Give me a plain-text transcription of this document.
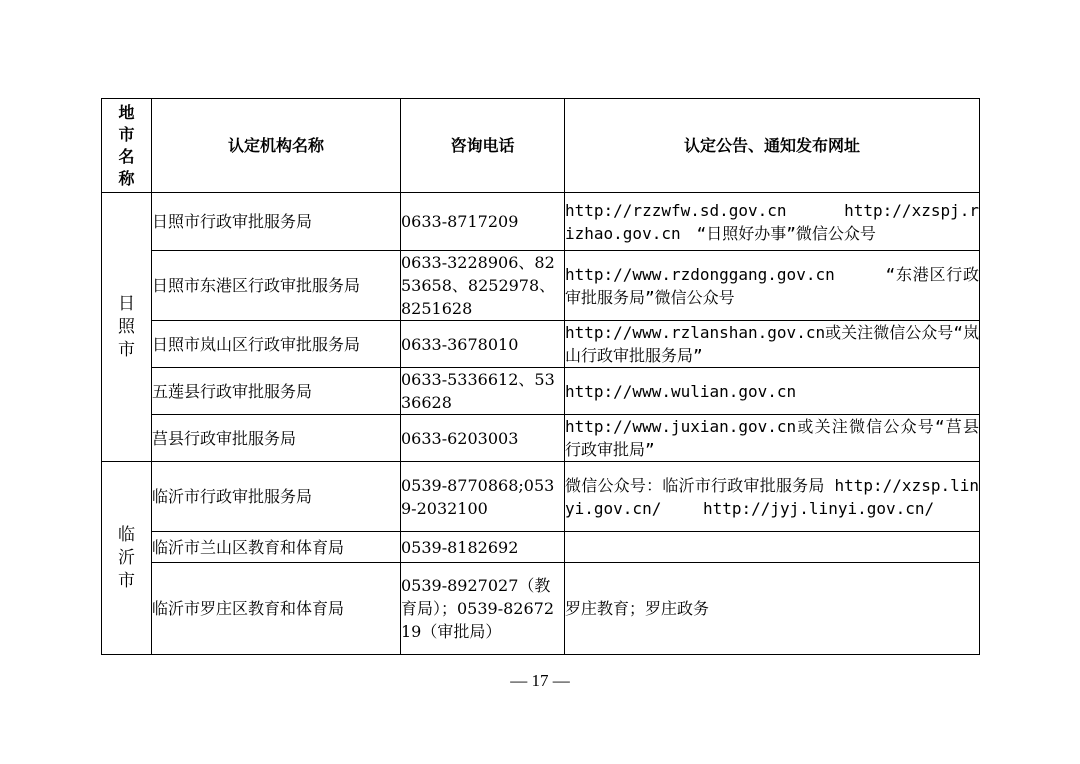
地市名称	认定机构名称	咨询电话	认定公告、通知发布网址

日照市	日照市行政审批服务局	0633-8717209	http://rzzwfw.sd.gov.cn　　　http://xzspj.rizhao.gov.cn　“日照好办事”微信公众号
	日照市东港区行政审批服务局	0633-3228906、8253658、8252978、8251628	http://www.rzdonggang.gov.cn　　　“东港区行政审批服务局”微信公众号
	日照市岚山区行政审批服务局	0633-3678010	http://www.rzlanshan.gov.cn或关注微信公众号“岚山行政审批服务局”
	五莲县行政审批服务局	0633-5336612、5336628	http://www.wulian.gov.cn
	莒县行政审批服务局	0633-6203003	http://www.juxian.gov.cn或关注微信公众号“莒县行政审批局”

临沂市	临沂市行政审批服务局	0539-8770868;0539-2032100	微信公众号：临沂市行政审批服务局 http://xzsp.linyi.gov.cn/　　 http://jyj.linyi.gov.cn/
	临沂市兰山区教育和体育局	0539-8182692	
	临沂市罗庄区教育和体育局	0539-8927027（教育局）；0539-8267219（审批局）	罗庄教育；罗庄政务
— 17 —
